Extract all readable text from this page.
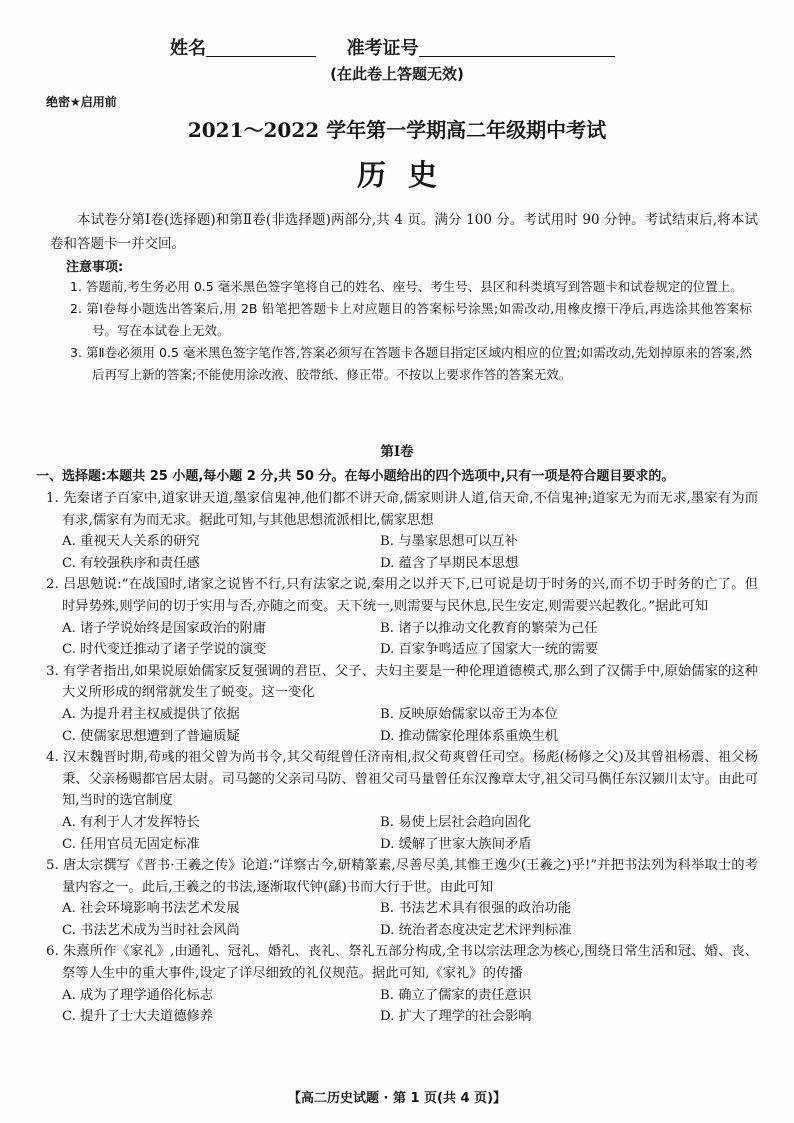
姓名	准考证号
(在此卷上答题无效)
绝密★启用前
2021～2022 学年第一学期高二年级期中考试
历史
本试卷分第Ⅰ卷(选择题)和第Ⅱ卷(非选择题)两部分,共 4 页。满分 100 分。考试用时 90 分钟。考试结束后,将本试卷和答题卡一并交回。
注意事项:

1. 答题前,考生务必用 0.5 毫米黑色签字笔将自己的姓名、座号、考生号、县区和科类填写到答题卡和试卷规定的位置上。

2. 第Ⅰ卷每小题选出答案后,用 2B 铅笔把答题卡上对应题目的答案标号涂黑;如需改动,用橡皮擦干净后,再选涂其他答案标号。写在本试卷上无效。

3. 第Ⅱ卷必须用 0.5 毫米黑色签字笔作答,答案必须写在答题卡各题目指定区域内相应的位置;如需改动,先划掉原来的答案,然后再写上新的答案;不能使用涂改液、胶带纸、修正带。不按以上要求作答的答案无效。

第Ⅰ卷
一、选择题:本题共 25 小题,每小题 2 分,共 50 分。在每小题给出的四个选项中,只有一项是符合题目要求的。

1. 先秦诸子百家中,道家讲天道,墨家信鬼神,他们都不讲天命,儒家则讲人道,信天命,不信鬼神;道家无为而无求,墨家有为而有求,儒家有为而无求。据此可知,与其他思想流派相比,儒家思想

A. 重视天人关系的研究	B. 与墨家思想可以互补
C. 有较强秩序和责任感	D. 蕴含了早期民本思想

2. 吕思勉说:“在战国时,诸家之说皆不行,只有法家之说,秦用之以并天下,已可说是切于时务的兴,而不切于时务的亡了。但时异势殊,则学问的切于实用与否,亦随之而变。天下统一,则需要与民休息,民生安定,则需要兴起教化。”据此可知

A. 诸子学说始终是国家政治的附庸	B. 诸子以推动文化教育的繁荣为己任
C. 时代变迁推动了诸子学说的演变	D. 百家争鸣适应了国家大一统的需要

3. 有学者指出,如果说原始儒家反复强调的君臣、父子、夫妇主要是一种伦理道德模式,那么到了汉儒手中,原始儒家的这种大义所形成的纲常就发生了蜕变。这一变化

A. 为提升君主权威提供了依据	B. 反映原始儒家以帝王为本位
C. 使儒家思想遭到了普遍质疑	D. 推动儒家伦理体系重焕生机

4. 汉末魏晋时期,荀彧的祖父曾为尚书令,其父荀绲曾任济南相,叔父荀爽曾任司空。杨彪(杨修之父)及其曾祖杨震、祖父杨秉、父亲杨赐都官居太尉。司马懿的父亲司马防、曾祖父司马量曾任东汉豫章太守,祖父司马儁任东汉颍川太守。由此可知,当时的选官制度

A. 有利于人才发挥特长	B. 易使上层社会趋向固化
C. 任用官员无固定标准	D. 缓解了世家大族间矛盾

5. 唐太宗撰写《晋书·王羲之传》论道:“详察古今,研精篆素,尽善尽美,其惟王逸少(王羲之)乎!”并把书法列为科举取士的考量内容之一。此后,王羲之的书法,逐渐取代钟(繇)书而大行于世。由此可知

A. 社会环境影响书法艺术发展	B. 书法艺术具有很强的政治功能
C. 书法艺术成为当时社会风尚	D. 统治者态度决定艺术评判标准

6. 朱熹所作《家礼》,由通礼、冠礼、婚礼、丧礼、祭礼五部分构成,全书以宗法理念为核心,围绕日常生活和冠、婚、丧、祭等人生中的重大事件,设定了详尽细致的礼仪规范。据此可知,《家礼》的传播

A. 成为了理学通俗化标志	B. 确立了儒家的责任意识
C. 提升了士大夫道德修养	D. 扩大了理学的社会影响
【高二历史试题 · 第 1 页(共 4 页)】
